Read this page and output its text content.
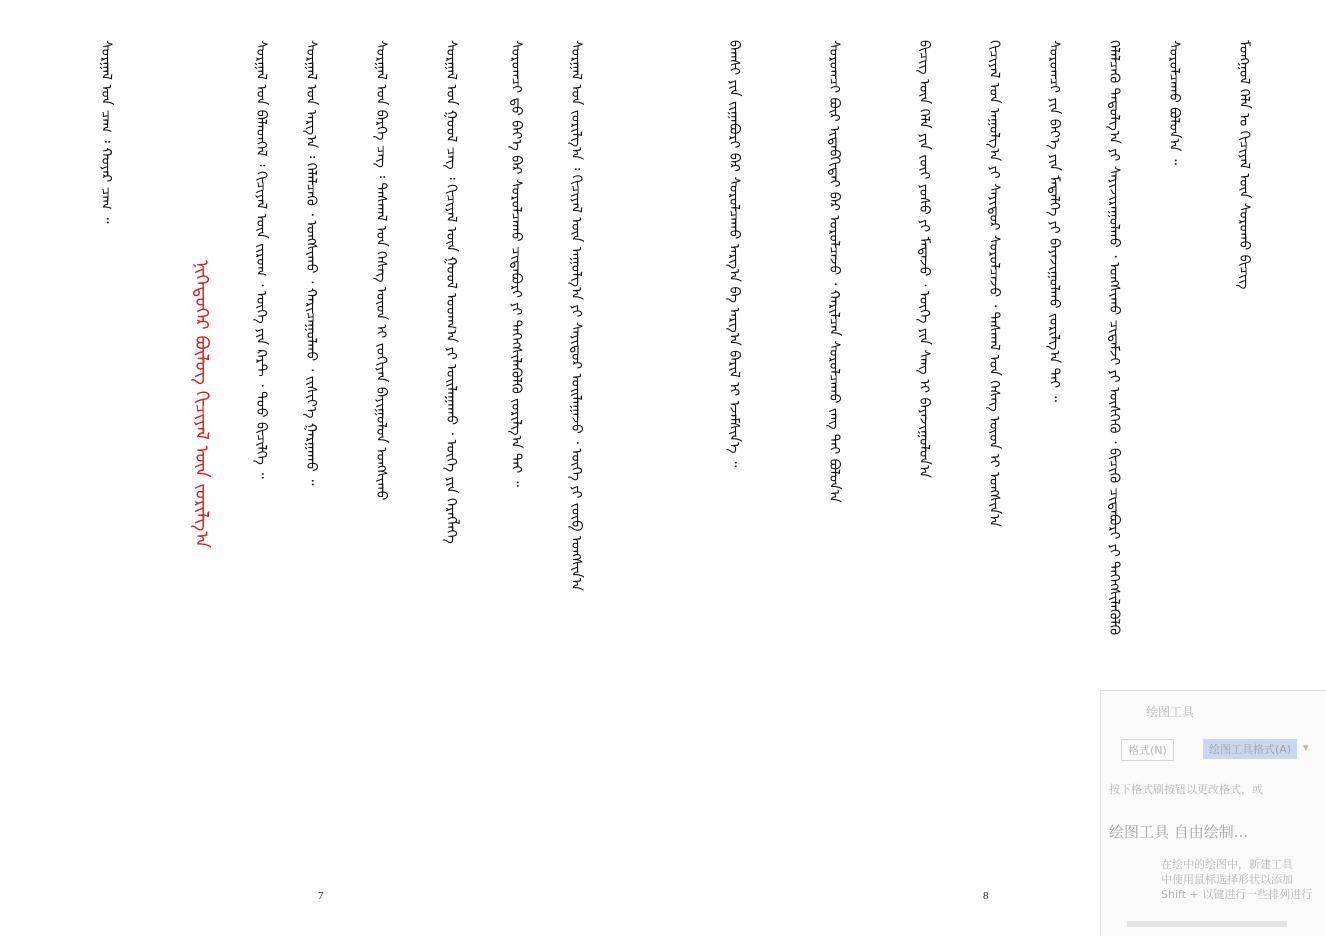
ᠮᠣᠩᠭᠣᠯ ᠬᠡᠯᠡ ᠤ ᠬᠢᠴᠢᠶᠡᠯ ᠦᠨ ᠰᠤᠷᠤᠬᠤ ᠪᠢᠴᠢᠭ
ᠰᠤᠷᠤᠯᠴᠠᠬᠤ ᠪᠣᠯᠤᠨ᠎ᠠ ᠃
ᠬᠡᠯᠡᠯᠴᠡᠬᠦ ᠳᠠᠳᠤᠯᠭ᠎ᠠ ᠶᠢ ᠰᠠᠶᠢᠵᠢᠷᠠᠭᠤᠯᠬᠤ ᠂ ᠤᠩᠰᠢᠬᠤ ᠴᠢᠳᠠᠮᠵᠢ ᠶᠢ ᠥᠰᠬᠡᠬᠦ ᠂ ᠪᠢᠴᠢᠬᠦ ᠴᠢᠳᠠᠪᠤᠷᠢ ᠶᠢ ᠳᠡᠭᠡᠭᠰᠢᠯᠡᠭᠦᠯᠬᠦ
ᠰᠤᠷᠤᠭᠴᠢ ᠶᠢᠨ ᠪᠡᠶ᠎ᠡ ᠶᠢᠨ ᠮᠡᠳᠡᠯᠭᠡ ᠶᠢ ᠪᠠᠶᠠᠵᠢᠭᠤᠯᠬᠤ ᠵᠣᠷᠢᠯᠭ᠎ᠠ ᠲᠠᠢ ᠃
ᠬᠢᠴᠢᠶᠡᠯ ᠤᠨ ᠠᠭᠤᠯᠭ᠎ᠠ ᠶᠢ ᠰᠠᠶᠢᠳᠤᠷ ᠰᠤᠷᠤᠯᠴᠠᠵᠤ ᠂ ᠳᠠᠰᠬᠠᠯ ᠤᠨ ᠬᠡᠰᠡᠭ ᠦᠳ ᠢ ᠤᠩᠰᠢᠨ᠎ᠠ
ᠪᠢᠴᠢᠭ ᠦᠨ ᠬᠡᠯᠡ ᠶᠢᠨ ᠵᠦᠢ ᠶᠤᠰᠤ ᠶᠢ ᠮᠡᠳᠡᠵᠦ ᠂ ᠦᠭᠡ ᠶᠢᠨ ᠰᠠᠩ ᠢ ᠪᠠᠶᠠᠵᠢᠭᠤᠯᠤᠨ᠎ᠠ
ᠰᠤᠷᠤᠭᠴᠢ ᠪᠦᠷ ᠢᠳᠡᠪᠬᠢᠳᠡᠢ ᠪᠡᠷ ᠣᠷᠤᠯᠴᠠᠵᠤ ᠂ ᠬᠠᠷᠢᠯᠴᠠᠨ ᠰᠤᠷᠤᠯᠴᠠᠬᠤ ᠵᠠᠩ ᠲᠠᠢ ᠪᠣᠯᠤᠨ᠎ᠠ
ᠪᠠᠭᠰᠢ ᠶᠢᠨ ᠵᠢᠭᠠᠪᠤᠷᠢ ᠪᠠᠷ ᠰᠤᠷᠤᠯᠴᠠᠬᠤ ᠠᠷᠭ᠎ᠠ ᠪᠠ ᠠᠷᠭ᠎ᠠ ᠪᠠᠷᠢᠯ ᠢ ᠡᠵᠡᠮᠰᠢᠨ᠎ᠡ ᠃
8
ᠰᠤᠷᠭᠠᠯ ᠤᠨ ᠵᠣᠷᠢᠯᠭ᠎ᠠ ᠄ ᠬᠢᠴᠢᠶᠡᠯ ᠦᠨ ᠠᠭᠤᠯᠭ᠎ᠠ ᠶᠢ ᠰᠠᠶᠢᠳᠤᠷ ᠣᠢᠯᠠᠭᠠᠵᠤ ᠂ ᠦᠭᠡ ᠶᠢ ᠵᠦᠪ ᠤᠩᠰᠢᠨ᠎ᠠ
ᠰᠤᠷᠤᠭᠴᠢ ᠳ᠋ᠤ ᠪᠡᠶ᠎ᠡ ᠪᠡᠷ ᠰᠤᠷᠤᠯᠴᠠᠬᠤ ᠴᠢᠳᠠᠪᠤᠷᠢ ᠶᠢ ᠳᠡᠭᠡᠭᠰᠢᠯᠡᠭᠦᠯᠬᠦ ᠵᠣᠷᠢᠯᠭ᠎ᠠ ᠲᠠᠢ ᠃
ᠰᠤᠷᠭᠠᠯ ᠤᠨ ᠭᠣᠣᠯ ᠴᠡᠭ ᠄ ᠬᠢᠴᠢᠶᠡᠯ ᠦᠨ ᠭᠣᠣᠯ ᠤᠳᠬ᠎ᠠ ᠶᠢ ᠣᠢᠯᠠᠭᠠᠬᠤ ᠂ ᠦᠭᠡ ᠶᠢᠨ ᠬᠡᠷᠡᠭᠯᠡᠭᠡ
ᠰᠤᠷᠭᠠᠯ ᠤᠨ ᠪᠡᠷᠬᠡ ᠴᠡᠭ ᠄ ᠳᠠᠰᠬᠠᠯ ᠤᠨ ᠬᠡᠰᠡᠭ ᠦᠳ ᠢ ᠵᠣᠬᠢᠶᠠᠨ ᠪᠠᠶᠢᠭᠤᠯᠤᠨ ᠤᠩᠰᠢᠬᠤ
ᠰᠤᠷᠭᠠᠯ ᠤᠨ ᠠᠷᠭ᠎ᠠ ᠄ ᠬᠡᠯᠡᠯᠴᠡᠬᠦ ᠂ ᠤᠩᠰᠢᠬᠤ ᠂ ᠬᠠᠷᠢᠴᠠᠭᠤᠯᠬᠤ ᠂ ᠵᠢᠱᠢᠶ᠎ᠡ ᠭᠠᠷᠭᠠᠬᠤ ᠃
ᠰᠤᠷᠭᠠᠯ ᠤᠨ ᠪᠡᠯᠡᠳᠬᠡᠯ ᠄ ᠬᠢᠴᠢᠶᠡᠯ ᠦᠨ ᠵᠢᠷᠤᠭ ᠂ ᠦᠭᠡ ᠶᠢᠨ ᠺᠠᠷᠲ ᠂ ᠳᠤᠤ ᠪᠢᠴᠢᠯᠭᠡ ᠃
ᠨᠢᠭᠡᠳᠦᠭᠡᠷ ᠪᠦᠯᠦᠭ ᠬᠢᠴᠢᠶᠡᠯ ᠦᠨ ᠵᠣᠷᠢᠯᠭ᠎ᠠ
ᠰᠤᠷᠭᠠᠯ ᠤᠨ ᠴᠠᠭ ᠄ ᠬᠣᠶᠠᠷ ᠴᠠᠭ ᠃
7
绘图工具
格式(N)	绘图工具格式(A)	▾
按下格式刷按钮以更改格式，或
绘图工具 自由绘制...
在绘中的绘图中，新建工具
中使用鼠标选择形状以添加
Shift + 以键进行一些排列进行
